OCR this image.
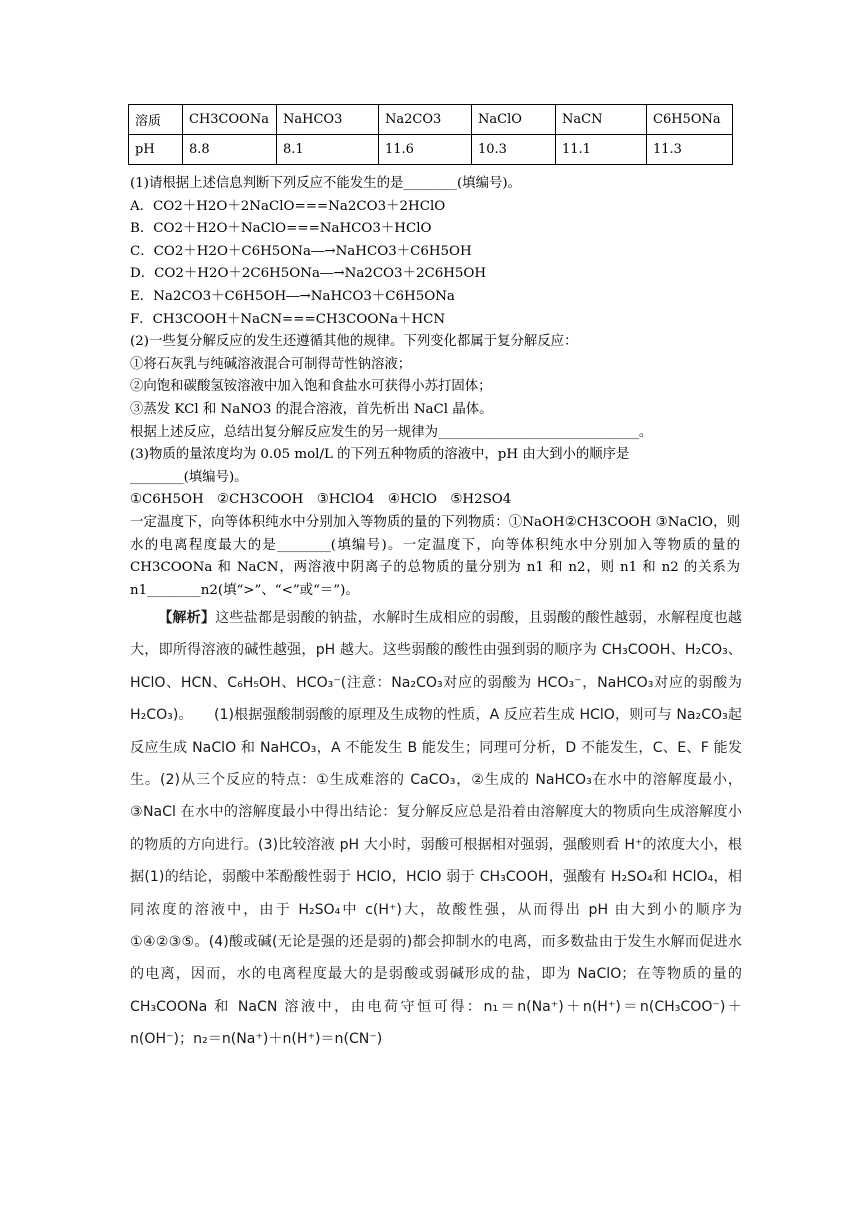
溶质	CH3COONa	NaHCO3	Na2CO3	NaClO	NaCN	C6H5ONa
pH	8.8	8.1	11.6	10.3	11.1	11.3
(1)请根据上述信息判断下列反应不能发生的是________(填编号)。
A．CO2＋H2O＋2NaClO===Na2CO3＋2HClO
B．CO2＋H2O＋NaClO===NaHCO3＋HClO
C．CO2＋H2O＋C6H5ONa―→NaHCO3＋C6H5OH
D．CO2＋H2O＋2C6H5ONa―→Na2CO3＋2C6H5OH
E．Na2CO3＋C6H5OH―→NaHCO3＋C6H5ONa
F．CH3COOH＋NaCN===CH3COONa＋HCN
(2)一些复分解反应的发生还遵循其他的规律。下列变化都属于复分解反应：
①将石灰乳与纯碱溶液混合可制得苛性钠溶液；
②向饱和碳酸氢铵溶液中加入饱和食盐水可获得小苏打固体；
③蒸发 KCl 和 NaNO3 的混合溶液，首先析出 NaCl 晶体。
根据上述反应，总结出复分解反应发生的另一规律为______________________________。
(3)物质的量浓度均为 0.05 mol/L 的下列五种物质的溶液中，pH 由大到小的顺序是
________(填编号)。
①C6H5OH　②CH3COOH　③HClO4　④HClO　⑤H2SO4
一定温度下，向等体积纯水中分别加入等物质的量的下列物质：①NaOH②CH3COOH ③NaClO，则水的电离程度最大的是________(填编号)。一定温度下，向等体积纯水中分别加入等物质的量的CH3COONa 和 NaCN，两溶液中阴离子的总物质的量分别为 n1 和 n2，则 n1 和 n2 的关系为 n1________n2(填“>”、“<”或“＝”)。

【解析】这些盐都是弱酸的钠盐，水解时生成相应的弱酸，且弱酸的酸性越弱，水解程度也越大，即所得溶液的碱性越强，pH 越大。这些弱酸的酸性由强到弱的顺序为 CH₃COOH、H₂CO₃、HClO、HCN、C₆H₅OH、HCO₃⁻(注意：Na₂CO₃对应的弱酸为 HCO₃⁻，NaHCO₃对应的弱酸为 H₂CO₃)。　　(1)根据强酸制弱酸的原理及生成物的性质，A 反应若生成 HClO，则可与 Na₂CO₃起反应生成 NaClO 和 NaHCO₃，A 不能发生 B 能发生；同理可分析，D 不能发生，C、E、F 能发生。(2)从三个反应的特点：①生成难溶的 CaCO₃，②生成的 NaHCO₃在水中的溶解度最小，③NaCl 在水中的溶解度最小中得出结论：复分解反应总是沿着由溶解度大的物质向生成溶解度小的物质的方向进行。(3)比较溶液 pH 大小时，弱酸可根据相对强弱，强酸则看 H⁺的浓度大小，根据(1)的结论，弱酸中苯酚酸性弱于 HClO，HClO 弱于 CH₃COOH，强酸有 H₂SO₄和 HClO₄，相同浓度的溶液中，由于 H₂SO₄中 c(H⁺)大，故酸性强，从而得出 pH 由大到小的顺序为①④②③⑤。(4)酸或碱(无论是强的还是弱的)都会抑制水的电离，而多数盐由于发生水解而促进水的电离，因而，水的电离程度最大的是弱酸或弱碱形成的盐，即为 NaClO；在等物质的量的 CH₃COONa 和 NaCN 溶液中，由电荷守恒可得：n₁＝n(Na⁺)＋n(H⁺)＝n(CH₃COO⁻)＋n(OH⁻)；n₂＝n(Na⁺)＋n(H⁺)＝n(CN⁻)
